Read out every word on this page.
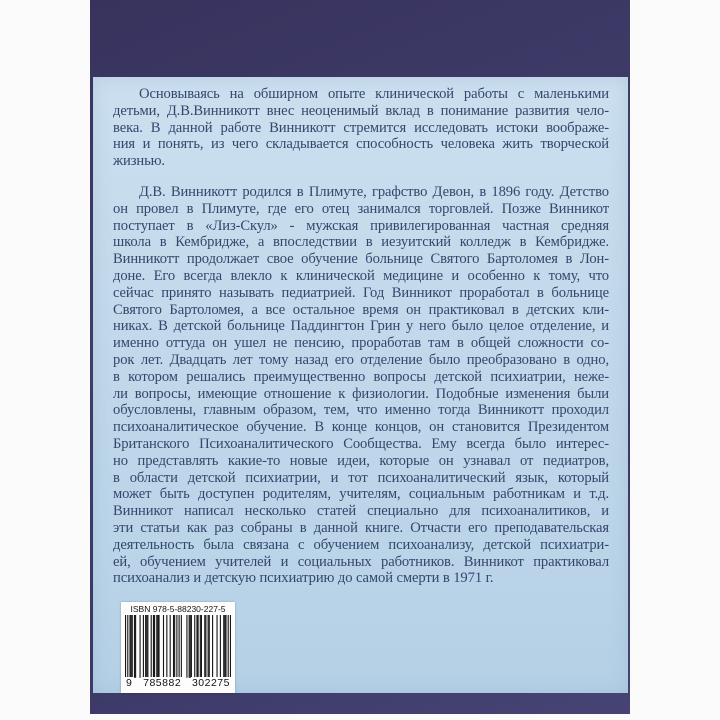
Основываясь на обширном опыте клинической работы с маленькими
детьми, Д.В.Винникотт внес неоценимый вклад в понимание развития чело-
века. В данной работе Винникотт стремится исследовать истоки воображе-
ния и понять, из чего складывается способность человека жить творческой
жизнью.
Д.В. Винникотт родился в Плимуте, графство Девон, в 1896 году. Детство
он провел в Плимуте, где его отец занимался торговлей. Позже Винникот
поступает в «Лиз-Скул» - мужская привилегированная частная средняя
школа в Кембридже, а впоследствии в иезуитский колледж в Кембридже.
Винникотт продолжает свое обучение больнице Святого Бартоломея в Лон-
доне. Его всегда влекло к клинической медицине и особенно к тому, что
сейчас принято называть педиатрией. Год Винникот проработал в больнице
Святого Бартоломея, а все остальное время он практиковал в детских кли-
никах. В детской больнице Паддингтон Грин у него было целое отделение, и
именно оттуда он ушел не пенсию, проработав там в общей сложности со-
рок лет. Двадцать лет тому назад его отделение было преобразовано в одно,
в котором решались преимущественно вопросы детской психиатрии, неже-
ли вопросы, имеющие отношение к физиологии. Подобные изменения были
обусловлены, главным образом, тем, что именно тогда Винникотт проходил
психоаналитическое обучение. В конце концов, он становится Президентом
Британского Психоаналитического Сообщества. Ему всегда было интерес-
но представлять какие-то новые идеи, которые он узнавал от педиатров,
в области детской психиатрии, и тот психоаналитический язык, который
может быть доступен родителям, учителям, социальным работникам и т.д.
Винникот написал несколько статей специально для психоаналитиков, и
эти статьи как раз собраны в данной книге. Отчасти его преподавательская
деятельность была связана с обучением психоанализу, детской психиатри-
ей, обучением учителей и социальных работников. Винникот практиковал
психоанализ и детскую психиатрию до самой смерти в 1971 г.
ISBN 978-5-88230-227-5
9 785882 302275
